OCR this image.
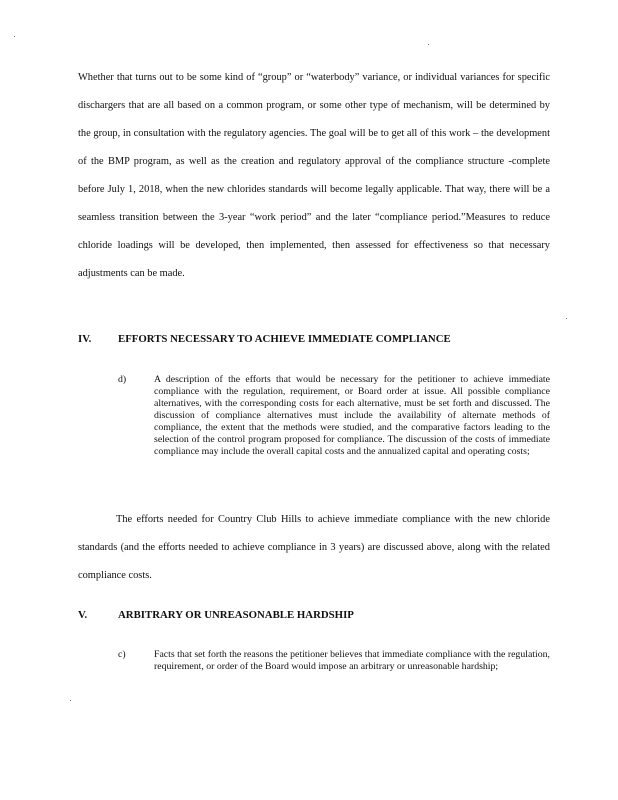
Whether that turns out to be some kind of “group” or “waterbody” variance, or individual variances for specific dischargers that are all based on a common program, or some other type of mechanism, will be determined by the group, in consultation with the regulatory agencies. The goal will be to get all of this work – the development of the BMP program, as well as the creation and regulatory approval of the compliance structure -complete before July 1, 2018, when the new chlorides standards will become legally applicable. That way, there will be a seamless transition between the 3-year “work period” and the later “compliance period.”Measures to reduce chloride loadings will be developed, then implemented, then assessed for effectiveness so that necessary adjustments can be made.

IV. EFFORTS NECESSARY TO ACHIEVE IMMEDIATE COMPLIANCE
d)	A description of the efforts that would be necessary for the petitioner to achieve immediate compliance with the regulation, requirement, or Board order at issue. All possible compliance alternatives, with the corresponding costs for each alternative, must be set forth and discussed. The discussion of compliance alternatives must include the availability of alternate methods of compliance, the extent that the methods were studied, and the comparative factors leading to the selection of the control program proposed for compliance. The discussion of the costs of immediate compliance may include the overall capital costs and the annualized capital and operating costs;

The efforts needed for Country Club Hills to achieve immediate compliance with the new chloride standards (and the efforts needed to achieve compliance in 3 years) are discussed above, along with the related compliance costs.

V.	ARBITRARY OR UNREASONABLE HARDSHIP
c)	Facts that set forth the reasons the petitioner believes that immediate compliance with the regulation, requirement, or order of the Board would impose an arbitrary or unreasonable hardship;
